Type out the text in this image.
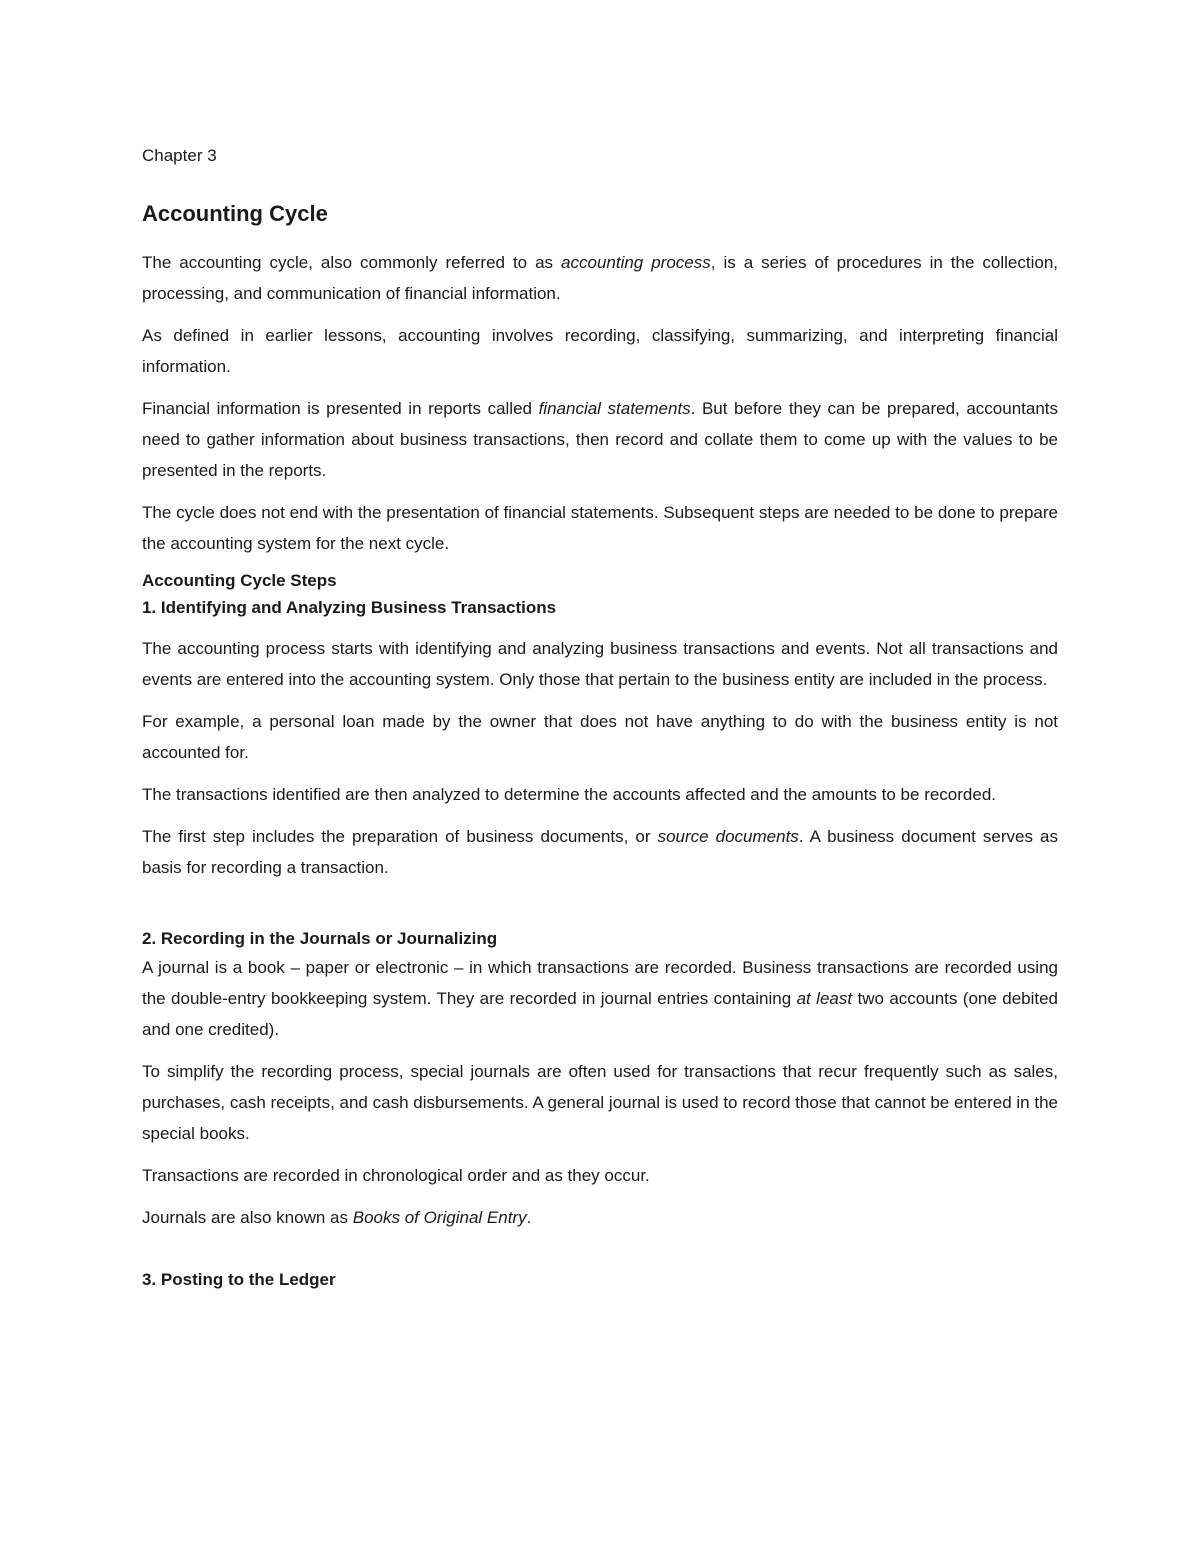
Chapter 3
Accounting Cycle

The accounting cycle, also commonly referred to as accounting process, is a series of procedures in the collection, processing, and communication of financial information.

As defined in earlier lessons, accounting involves recording, classifying, summarizing, and interpreting financial information.

Financial information is presented in reports called financial statements. But before they can be prepared, accountants need to gather information about business transactions, then record and collate them to come up with the values to be presented in the reports.

The cycle does not end with the presentation of financial statements. Subsequent steps are needed to be done to prepare the accounting system for the next cycle.

Accounting Cycle Steps
1. Identifying and Analyzing Business Transactions

The accounting process starts with identifying and analyzing business transactions and events. Not all transactions and events are entered into the accounting system. Only those that pertain to the business entity are included in the process.

For example, a personal loan made by the owner that does not have anything to do with the business entity is not accounted for.

The transactions identified are then analyzed to determine the accounts affected and the amounts to be recorded.

The first step includes the preparation of business documents, or source documents. A business document serves as basis for recording a transaction.

2. Recording in the Journals or Journalizing

A journal is a book – paper or electronic – in which transactions are recorded. Business transactions are recorded using the double-entry bookkeeping system. They are recorded in journal entries containing at least two accounts (one debited and one credited).

To simplify the recording process, special journals are often used for transactions that recur frequently such as sales, purchases, cash receipts, and cash disbursements. A general journal is used to record those that cannot be entered in the special books.

Transactions are recorded in chronological order and as they occur.

Journals are also known as Books of Original Entry.

3. Posting to the Ledger
